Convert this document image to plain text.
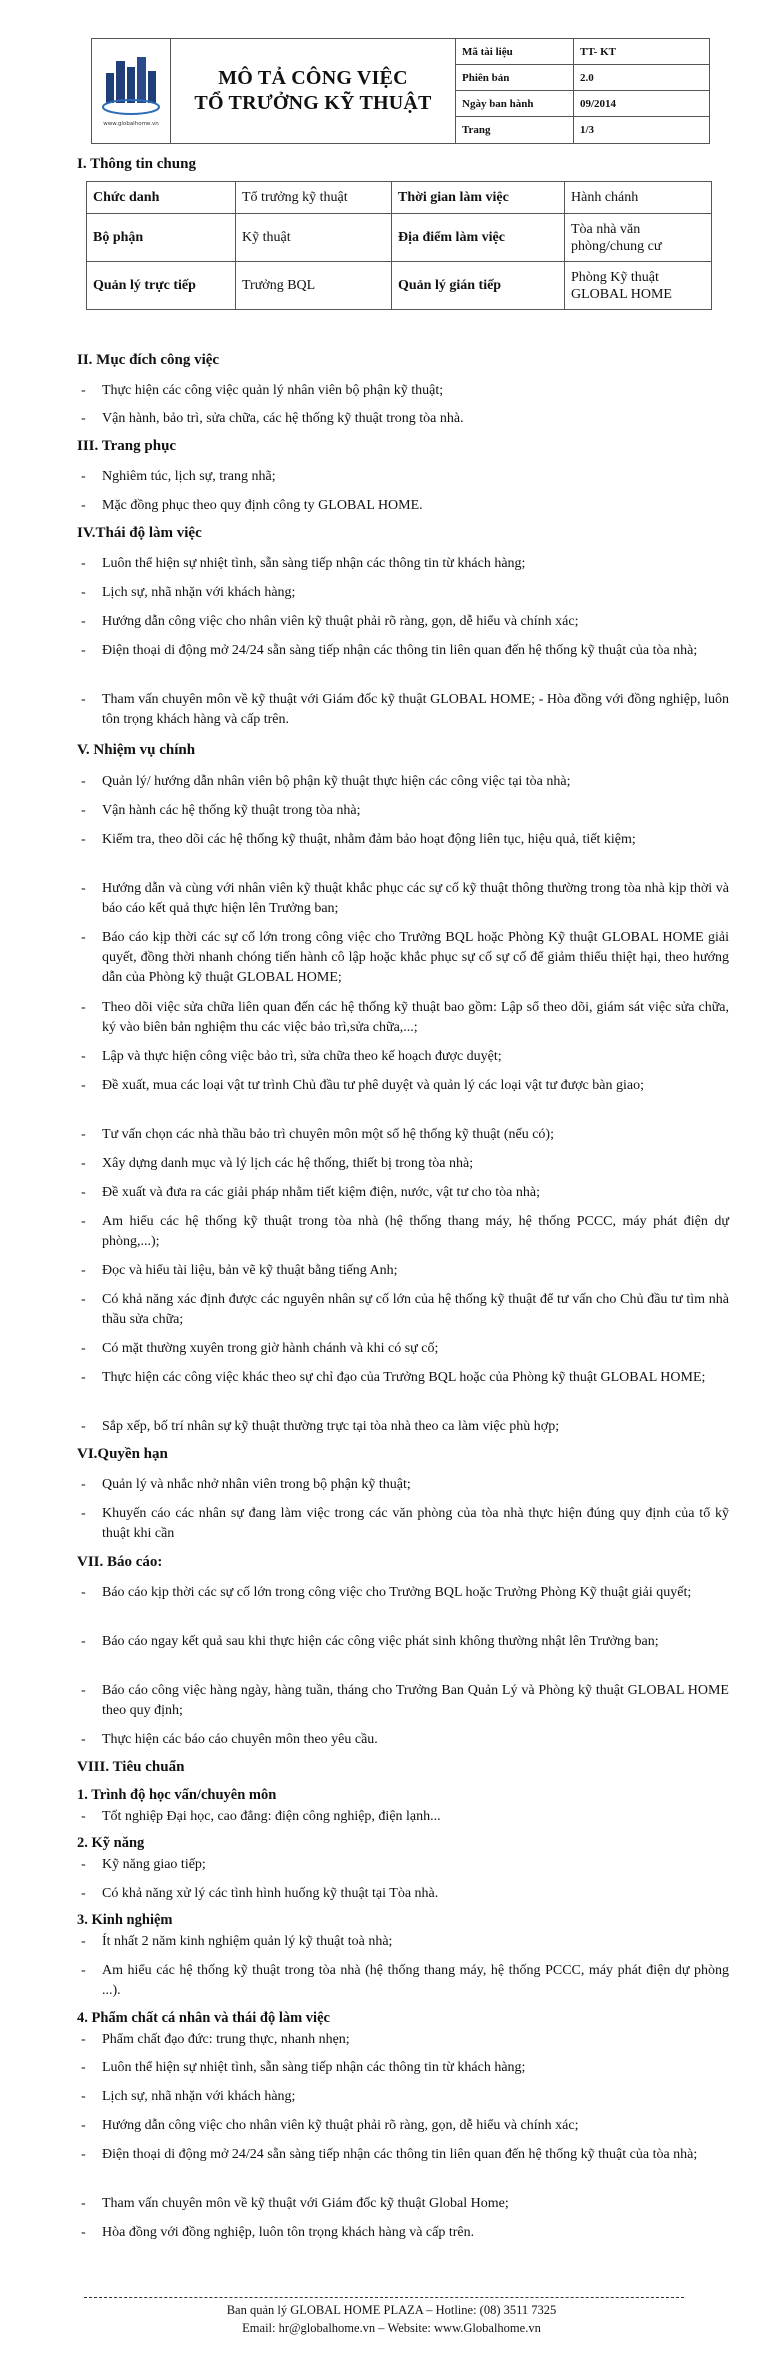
www.globalhome.vn
MÔ TẢ CÔNG VIỆC
TỔ TRƯỞNG KỸ THUẬT
Mã tài liệu	TT- KT
Phiên bản	2.0
Ngày ban hành	09/2014
Trang	1/3
I. Thông tin chung
Chức danh	Tổ trưởng kỹ thuật	Thời gian làm việc	Hành chánh
Bộ phận	Kỹ thuật	Địa điểm làm việc	Tòa nhà văn phòng/chung cư
Quản lý trực tiếp	Trưởng BQL	Quản lý gián tiếp	Phòng Kỹ thuật GLOBAL HOME
II. Mục đích công việc
- Thực hiện các công việc quản lý nhân viên bộ phận kỹ thuật;
- Vận hành, bảo trì, sửa chữa, các hệ thống kỹ thuật trong tòa nhà.
III. Trang phục
- Nghiêm túc, lịch sự, trang nhã;
- Mặc đồng phục theo quy định công ty GLOBAL HOME.
IV.Thái độ làm việc
- Luôn thể hiện sự nhiệt tình, sẵn sàng tiếp nhận các thông tin từ khách hàng;
- Lịch sự, nhã nhặn với khách hàng;
- Hướng dẫn công việc cho nhân viên kỹ thuật phải rõ ràng, gọn, dễ hiểu và chính xác;
- Điện thoại di động mở 24/24 sẵn sàng tiếp nhận các thông tin liên quan đến hệ thống kỹ thuật của tòa nhà;
- Tham vấn chuyên môn về kỹ thuật với Giám đốc kỹ thuật GLOBAL HOME; - Hòa đồng với đồng nghiệp, luôn tôn trọng khách hàng và cấp trên.
V. Nhiệm vụ chính
- Quản lý/ hướng dẫn nhân viên bộ phận kỹ thuật thực hiện các công việc tại tòa nhà;
- Vận hành các hệ thống kỹ thuật trong tòa nhà;
- Kiểm tra, theo dõi các hệ thống kỹ thuật, nhằm đảm bảo hoạt động liên tục, hiệu quả, tiết kiệm;
- Hướng dẫn và cùng với nhân viên kỹ thuật khắc phục các sự cố kỹ thuật thông thường trong tòa nhà kịp thời và báo cáo kết quả thực hiện lên Trưởng ban;
- Báo cáo kịp thời các sự cố lớn trong công việc cho Trưởng BQL hoặc Phòng Kỹ thuật GLOBAL HOME giải quyết, đồng thời nhanh chóng tiến hành cô lập hoặc khắc phục sự cố sự cố để giảm thiểu thiệt hại, theo hướng dẫn của Phòng kỹ thuật GLOBAL HOME;
- Theo dõi việc sửa chữa liên quan đến các hệ thống kỹ thuật bao gồm: Lập sổ theo dõi, giám sát việc sửa chữa, ký vào biên bản nghiệm thu các việc bảo trì,sửa chữa,...;
- Lập và thực hiện công việc bảo trì, sửa chữa theo kế hoạch được duyệt;
- Đề xuất, mua các loại vật tư trình Chủ đầu tư phê duyệt và quản lý các loại vật tư được bàn giao;
- Tư vấn chọn các nhà thầu bảo trì chuyên môn một số hệ thống kỹ thuật (nếu có);
- Xây dựng danh mục và lý lịch các hệ thống, thiết bị trong tòa nhà;
- Đề xuất và đưa ra các giải pháp nhằm tiết kiệm điện, nước, vật tư cho tòa nhà;
- Am hiểu các hệ thống kỹ thuật trong tòa nhà (hệ thống thang máy, hệ thống PCCC, máy phát điện dự phòng,...);
- Đọc và hiểu tài liệu, bản vẽ kỹ thuật bằng tiếng Anh;
- Có khả năng xác định được các nguyên nhân sự cố lớn của hệ thống kỹ thuật để tư vấn cho Chủ đầu tư tìm nhà thầu sửa chữa;
- Có mặt thường xuyên trong giờ hành chánh và khi có sự cố;
- Thực hiện các công việc khác theo sự chỉ đạo của Trưởng BQL hoặc của Phòng kỹ thuật GLOBAL HOME;
- Sắp xếp, bố trí nhân sự kỹ thuật thường trực tại tòa nhà theo ca làm việc phù hợp;
VI.Quyền hạn
- Quản lý và nhắc nhở nhân viên trong bộ phận kỹ thuật;
- Khuyến cáo các nhân sự đang làm việc trong các văn phòng của tòa nhà thực hiện đúng quy định của tổ kỹ thuật khi cần
VII. Báo cáo:
- Báo cáo kịp thời các sự cố lớn trong công việc cho Trưởng BQL hoặc Trưởng Phòng Kỹ thuật giải quyết;
- Báo cáo ngay kết quả sau khi thực hiện các công việc phát sinh không thường nhật lên Trưởng ban;
- Báo cáo công việc hàng ngày, hàng tuần, tháng cho Trưởng Ban Quản Lý và Phòng kỹ thuật GLOBAL HOME theo quy định;
- Thực hiện các báo cáo chuyên môn theo yêu cầu.
VIII. Tiêu chuẩn
1. Trình độ học vấn/chuyên môn
- Tốt nghiệp Đại học, cao đẳng: điện công nghiệp, điện lạnh...
2. Kỹ năng
- Kỹ năng giao tiếp;
- Có khả năng xử lý các tình hình huống kỹ thuật tại Tòa nhà.
3. Kinh nghiệm
- Ít nhất 2 năm kinh nghiệm quản lý kỹ thuật toà nhà;
- Am hiểu các hệ thống kỹ thuật trong tòa nhà (hệ thống thang máy, hệ thống PCCC, máy phát điện dự phòng ...).
4. Phẩm chất cá nhân và thái độ làm việc
- Phẩm chất đạo đức: trung thực, nhanh nhẹn;
- Luôn thể hiện sự nhiệt tình, sẵn sàng tiếp nhận các thông tin từ khách hàng;
- Lịch sự, nhã nhặn với khách hàng;
- Hướng dẫn công việc cho nhân viên kỹ thuật phải rõ ràng, gọn, dễ hiểu và chính xác;
- Điện thoại di động mở 24/24 sẵn sàng tiếp nhận các thông tin liên quan đến hệ thống kỹ thuật của tòa nhà;
- Tham vấn chuyên môn về kỹ thuật với Giám đốc kỹ thuật Global Home;
- Hòa đồng với đồng nghiệp, luôn tôn trọng khách hàng và cấp trên.
Ban quản lý GLOBAL HOME PLAZA – Hotline: (08) 3511 7325
Email: hr@globalhome.vn – Website: www.Globalhome.vn
